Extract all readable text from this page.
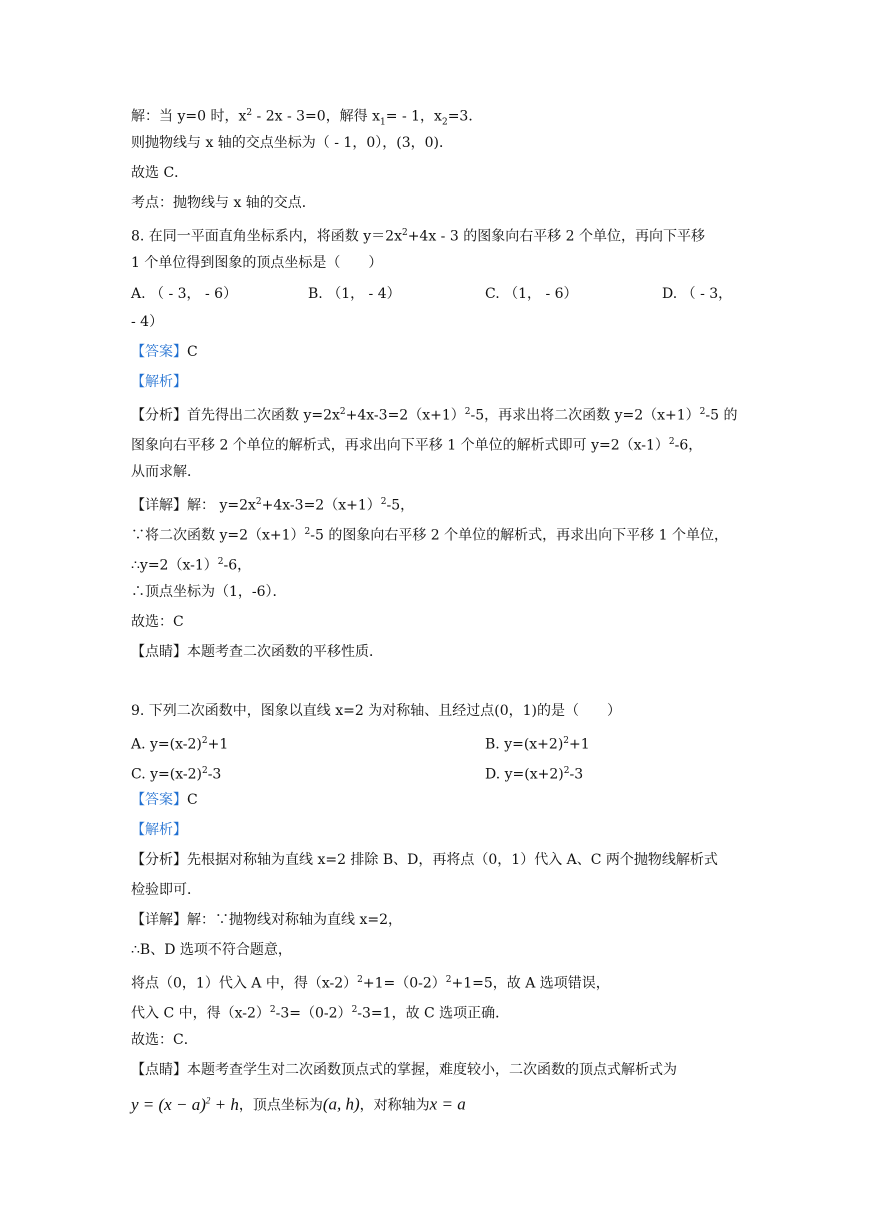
解：当 y=0 时，$x^2 - 2x - 3=0$，解得 $x_1= - 1$，$x_2=3$．
则抛物线与 x 轴的交点坐标为（ - 1，0），(3，0)．
故选 C．
考点：抛物线与 x 轴的交点．
8. 在同一平面直角坐标系内，将函数 $y=2x^2+4x - 3$ 的图象向右平移 2 个单位，再向下平移
1 个单位得到图象的顶点坐标是（　　）
A. （ - 3， - 6）	B. （1， - 4）	C. （1， - 6）	D. （ - 3，
- 4）
【答案】C
【解析】
【分析】首先得出二次函数 $y=2x^2+4x-3=2(x+1)^2-5$，再求出将二次函数 $y=2(x+1)^2-5$ 的
图象向右平移 2 个单位的解析式，再求出向下平移 1 个单位的解析式即可 $y=2(x-1)^2-6$，
从而求解．
【详解】解： $y=2x^2+4x-3=2(x+1)^2-5$，
∵将二次函数 $y=2(x+1)^2-5$ 的图象向右平移 2 个单位的解析式，再求出向下平移 1 个单位，
$\therefore y=2(x-1)^2-6$，
∴顶点坐标为（1，-6）．
故选：C
【点睛】本题考查二次函数的平移性质．
9. 下列二次函数中，图象以直线 x=2 为对称轴、且经过点(0，1)的是（　　）
A. $y=(x-2)^2+1$	B. $y=(x+2)^2+1$
C. $y=(x-2)^2-3$	D. $y=(x+2)^2-3$
【答案】C
【解析】
【分析】先根据对称轴为直线 x=2 排除 B、D，再将点（0，1）代入 A、C 两个抛物线解析式
检验即可．
【详解】解：∵抛物线对称轴为直线 x=2，
∴B、D 选项不符合题意，
将点（0，1）代入 A 中，得$(x-2)^2+1=(0-2)^2+1=5$，故 A 选项错误，
代入 C 中，得$(x-2)^2-3=(0-2)^2-3=1$，故 C 选项正确．
故选：C．
【点睛】本题考查学生对二次函数顶点式的掌握，难度较小，二次函数的顶点式解析式为
$y = (x - a)^2 + h$，顶点坐标为(a, h)，对称轴为x = a
